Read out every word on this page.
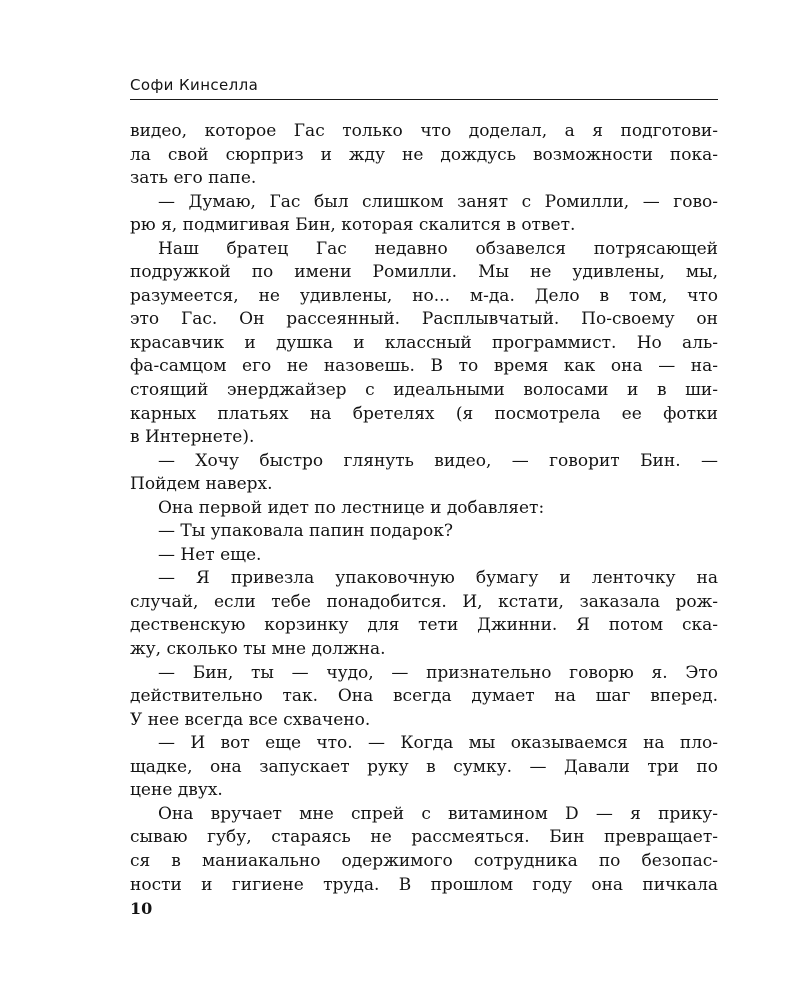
Софи Кинселла
видео, которое Гас только что доделал, а я подготови-
ла свой сюрприз и жду не дождусь возможности пока-
зать его папе.
— Думаю, Гас был слишком занят с Ромилли, — гово-
рю я, подмигивая Бин, которая скалится в ответ.
Наш братец Гас недавно обзавелся потрясающей
подружкой по имени Ромилли. Мы не удивлены, мы,
разумеется, не удивлены, но... м-да. Дело в том, что
это Гас. Он рассеянный. Расплывчатый. По-своему он
красавчик и душка и классный программист. Но аль-
фа-самцом его не назовешь. В то время как она — на-
стоящий энерджайзер с идеальными волосами и в ши-
карных платьях на бретелях (я посмотрела ее фотки
в Интернете).
— Хочу быстро глянуть видео, — говорит Бин. —
Пойдем наверх.
Она первой идет по лестнице и добавляет:
— Ты упаковала папин подарок?
— Нет еще.
— Я привезла упаковочную бумагу и ленточку на
случай, если тебе понадобится. И, кстати, заказала рож-
дественскую корзинку для тети Джинни. Я потом ска-
жу, сколько ты мне должна.
— Бин, ты — чудо, — признательно говорю я. Это
действительно так. Она всегда думает на шаг вперед.
У нее всегда все схвачено.
— И вот еще что. — Когда мы оказываемся на пло-
щадке, она запускает руку в сумку. — Давали три по
цене двух.
Она вручает мне спрей с витамином D — я прику-
сываю губу, стараясь не рассмеяться. Бин превращает-
ся в маниакально одержимого сотрудника по безопас-
ности и гигиене труда. В прошлом году она пичкала
10
